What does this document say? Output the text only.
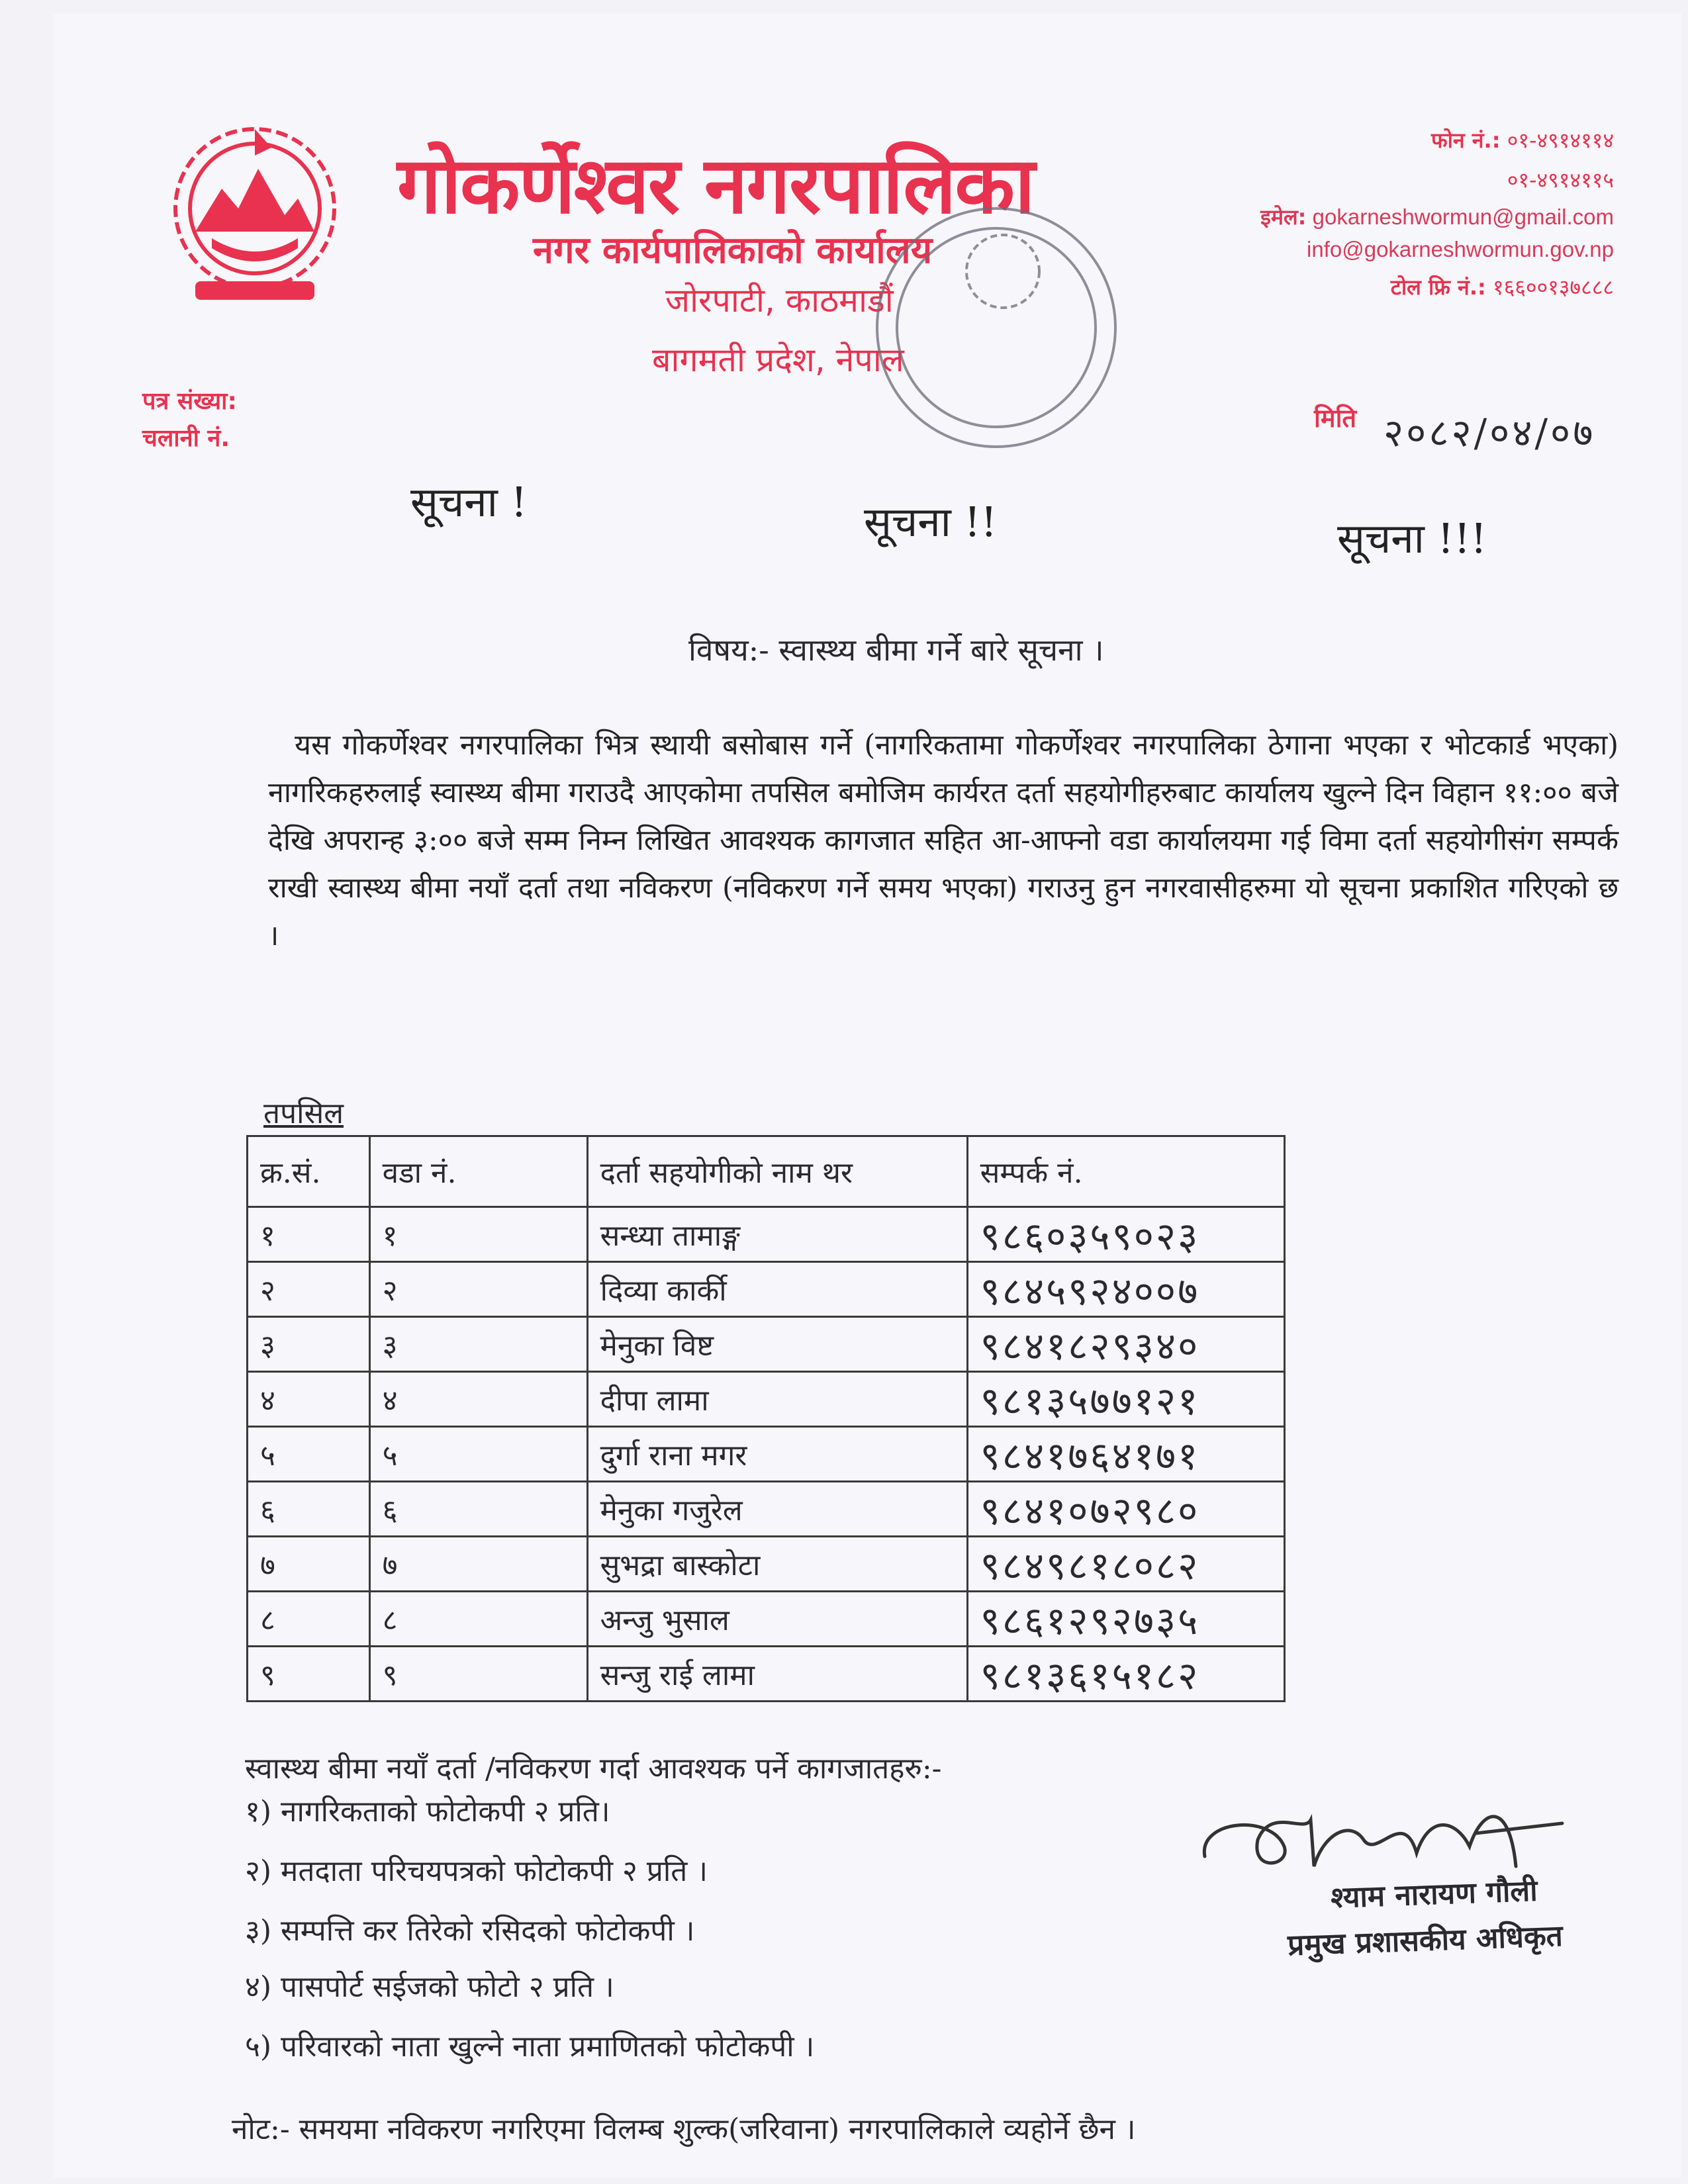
गोकर्णेश्वर नगरपालिका
नगर कार्यपालिकाको कार्यालय
जोरपाटी, काठमाडौं
बागमती प्रदेश, नेपाल
फोन नं.: ०१-४९१४११४
०१-४९१४११५
इमेल: gokarneshwormun@gmail.com
info@gokarneshwormun.gov.np
टोल फ्रि नं.: १६६००१३७८८८
पत्र संख्या:
चलानी नं.
मिति २०८२/०४/०७
सूचना !	सूचना !!	सूचना !!!
विषय:- स्वास्थ्य बीमा गर्ने बारे सूचना ।
यस गोकर्णेश्वर नगरपालिका भित्र स्थायी बसोबास गर्ने (नागरिकतामा गोकर्णेश्वर नगरपालिका ठेगाना भएका र भोटकार्ड भएका) नागरिकहरुलाई स्वास्थ्य बीमा गराउदै आएकोमा तपसिल बमोजिम कार्यरत दर्ता सहयोगीहरुबाट कार्यालय खुल्ने दिन विहान ११:०० बजे देखि अपरान्ह ३:०० बजे सम्म निम्न लिखित आवश्यक कागजात सहित आ-आफ्नो वडा कार्यालयमा गई विमा दर्ता सहयोगीसंग सम्पर्क राखी स्वास्थ्य बीमा नयाँ दर्ता तथा नविकरण (नविकरण गर्ने समय भएका) गराउनु हुन नगरवासीहरुमा यो सूचना प्रकाशित गरिएको छ ।
तपसिल
क्र.सं.	वडा नं.	दर्ता सहयोगीको नाम थर	सम्पर्क नं.
१	१	सन्ध्या तामाङ्ग	९८६०३५९०२३
२	२	दिव्या कार्की	९८४५९२४००७
३	३	मेनुका विष्ट	९८४१८२९३४०
४	४	दीपा लामा	९८१३५७७१२१
५	५	दुर्गा राना मगर	९८४१७६४१७१
६	६	मेनुका गजुरेल	९८४१०७२९८०
७	७	सुभद्रा बास्कोटा	९८४९८१८०८२
८	८	अन्जु भुसाल	९८६१२९२७३५
९	९	सन्जु राई लामा	९८१३६१५१८२
स्वास्थ्य बीमा नयाँ दर्ता /नविकरण गर्दा आवश्यक पर्ने कागजातहरु:-
१) नागरिकताको फोटोकपी २ प्रति।
२) मतदाता परिचयपत्रको फोटोकपी २ प्रति ।
३) सम्पत्ति कर तिरेको रसिदको फोटोकपी ।
४) पासपोर्ट सईजको फोटो २ प्रति ।
५) परिवारको नाता खुल्ने नाता प्रमाणितको फोटोकपी ।
श्याम नारायण गौली
प्रमुख प्रशासकीय अधिकृत
नोट:- समयमा नविकरण नगरिएमा विलम्ब शुल्क(जरिवाना) नगरपालिकाले व्यहोर्ने छैन ।
